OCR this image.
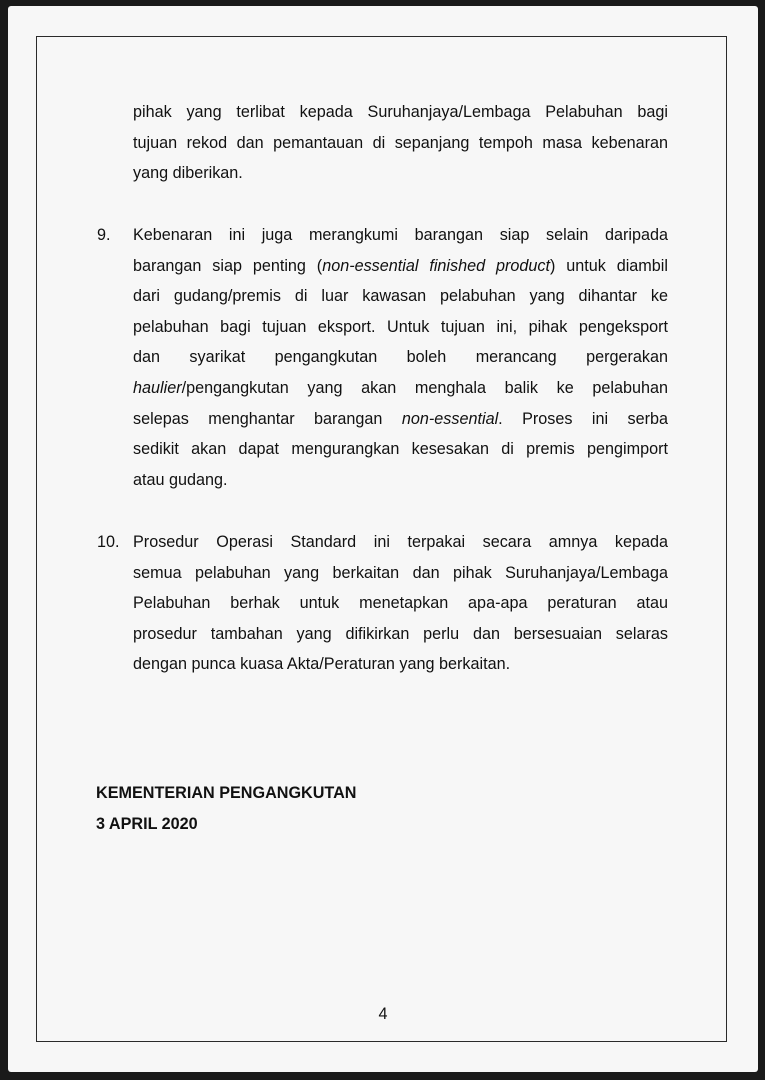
pihak yang terlibat kepada Suruhanjaya/Lembaga Pelabuhan bagi
tujuan rekod dan pemantauan di sepanjang tempoh masa kebenaran
yang diberikan.
9. Kebenaran ini juga merangkumi barangan siap selain daripada
barangan siap penting (non-essential finished product) untuk diambil
dari gudang/premis di luar kawasan pelabuhan yang dihantar ke
pelabuhan bagi tujuan eksport. Untuk tujuan ini, pihak pengeksport
dan syarikat pengangkutan boleh merancang pergerakan
haulier/pengangkutan yang akan menghala balik ke pelabuhan
selepas menghantar barangan non-essential. Proses ini serba
sedikit akan dapat mengurangkan kesesakan di premis pengimport
atau gudang.
10. Prosedur Operasi Standard ini terpakai secara amnya kepada
semua pelabuhan yang berkaitan dan pihak Suruhanjaya/Lembaga
Pelabuhan berhak untuk menetapkan apa-apa peraturan atau
prosedur tambahan yang difikirkan perlu dan bersesuaian selaras
dengan punca kuasa Akta/Peraturan yang berkaitan.
KEMENTERIAN PENGANGKUTAN
3 APRIL 2020
4
